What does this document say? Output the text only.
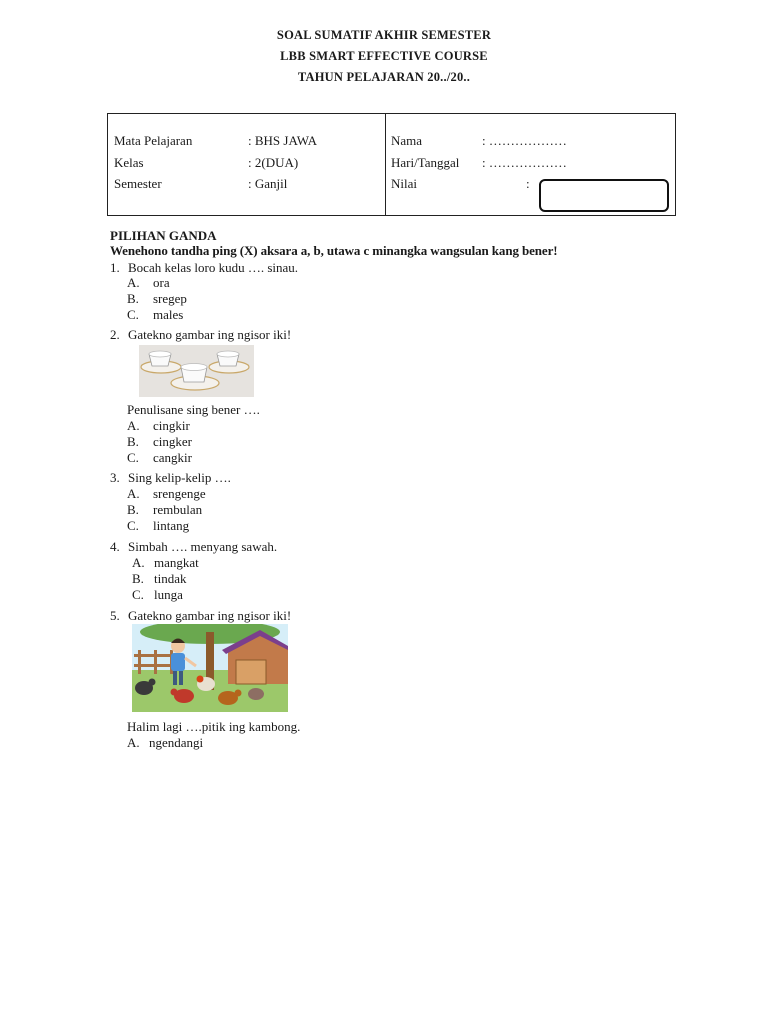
SOAL SUMATIF AKHIR SEMESTER
LBB SMART EFFECTIVE COURSE
TAHUN PELAJARAN 20../20..
Mata Pelajaran	: BHS JAWA
Kelas	: 2(DUA)
Semester	: Ganjil
Nama	: ………………
Hari/Tanggal : ………………
Nilai	:
PILIHAN GANDA
Wenehono tandha ping (X) aksara a, b, utawa c minangka wangsulan kang bener!
1. Bocah kelas loro kudu …. sinau.
A. ora
B. sregep
C. males
2. Gatekno gambar ing ngisor iki!
Penulisane sing bener ….
A. cingkir
B. cingker
C. cangkir
3. Sing kelip-kelip ….
A. srengenge
B. rembulan
C. lintang
4. Simbah …. menyang sawah.
A. mangkat
B. tindak
C. lunga
5. Gatekno gambar ing ngisor iki!
Halim lagi ….pitik ing kambong.
A. ngendangi
